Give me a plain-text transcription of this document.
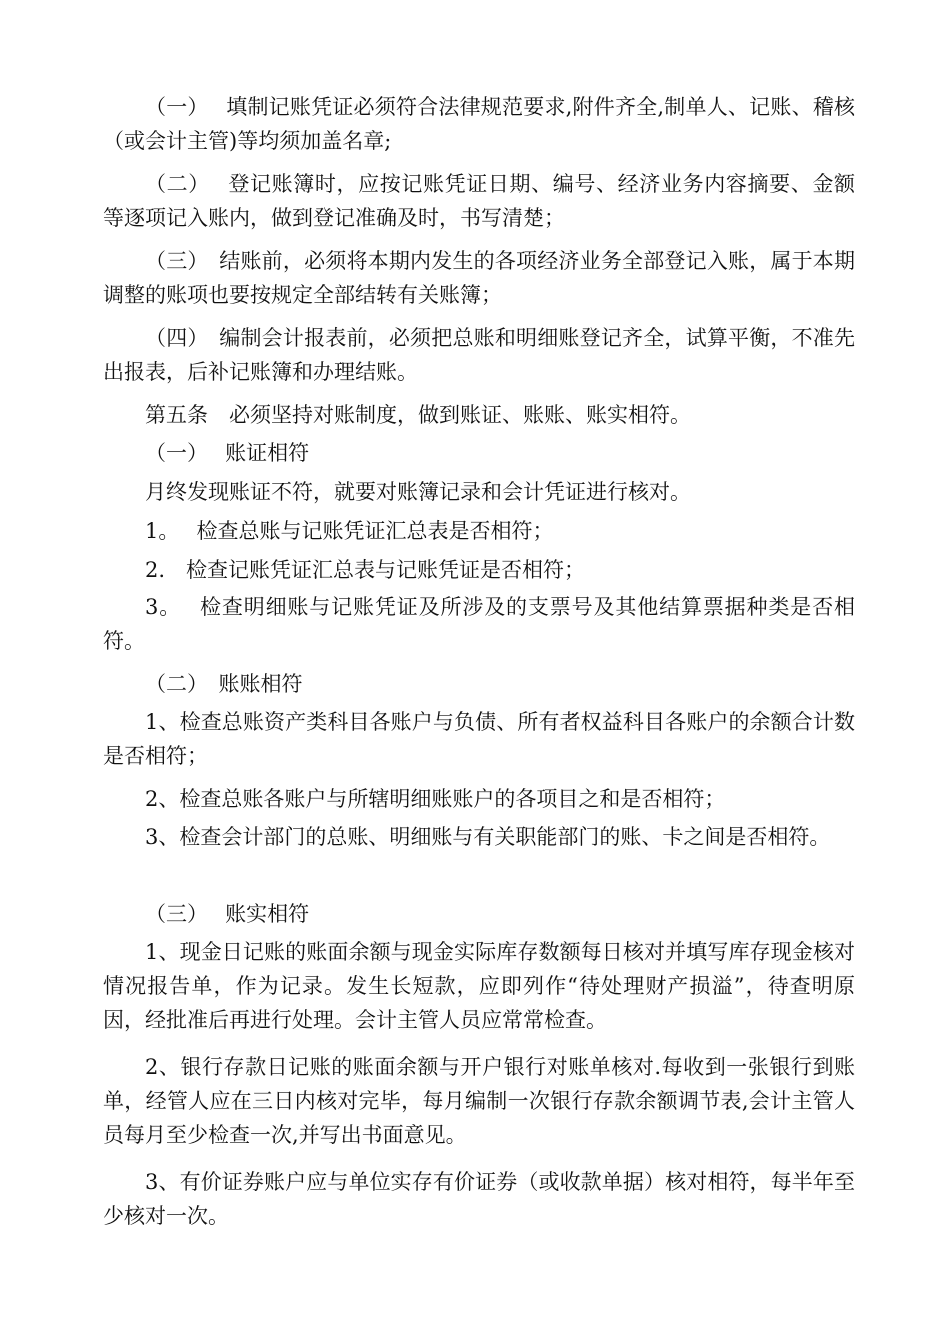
（一）　 填制记账凭证必须符合法律规范要求,附件齐全,制单人、记账、稽核（或会计主管)等均须加盖名章;

（二）　 登记账簿时，应按记账凭证日期、编号、经济业务内容摘要、金额等逐项记入账内，做到登记准确及时，书写清楚；

（三）　结账前，必须将本期内发生的各项经济业务全部登记入账，属于本期调整的账项也要按规定全部结转有关账簿；

（四）　编制会计报表前，必须把总账和明细账登记齐全，试算平衡，不准先出报表，后补记账簿和办理结账。

第五条　必须坚持对账制度，做到账证、账账、账实相符。

（一）　 账证相符

月终发现账证不符，就要对账簿记录和会计凭证进行核对。

1。　 检查总账与记账凭证汇总表是否相符；

2.　检查记账凭证汇总表与记账凭证是否相符；

3。　 检查明细账与记账凭证及所涉及的支票号及其他结算票据种类是否相符。

（二）　账账相符

1、检查总账资产类科目各账户与负债、所有者权益科目各账户的余额合计数是否相符；

2、检查总账各账户与所辖明细账账户的各项目之和是否相符；

3、检查会计部门的总账、明细账与有关职能部门的账、卡之间是否相符。

（三）　 账实相符

1、现金日记账的账面余额与现金实际库存数额每日核对并填写库存现金核对情况报告单，作为记录。发生长短款，应即列作“待处理财产损溢”，待查明原因，经批准后再进行处理。会计主管人员应常常检查。

2、银行存款日记账的账面余额与开户银行对账单核对.每收到一张银行到账单，经管人应在三日内核对完毕，每月编制一次银行存款余额调节表,会计主管人员每月至少检查一次,并写出书面意见。

3、有价证券账户应与单位实存有价证券（或收款单据）核对相符，每半年至少核对一次。
